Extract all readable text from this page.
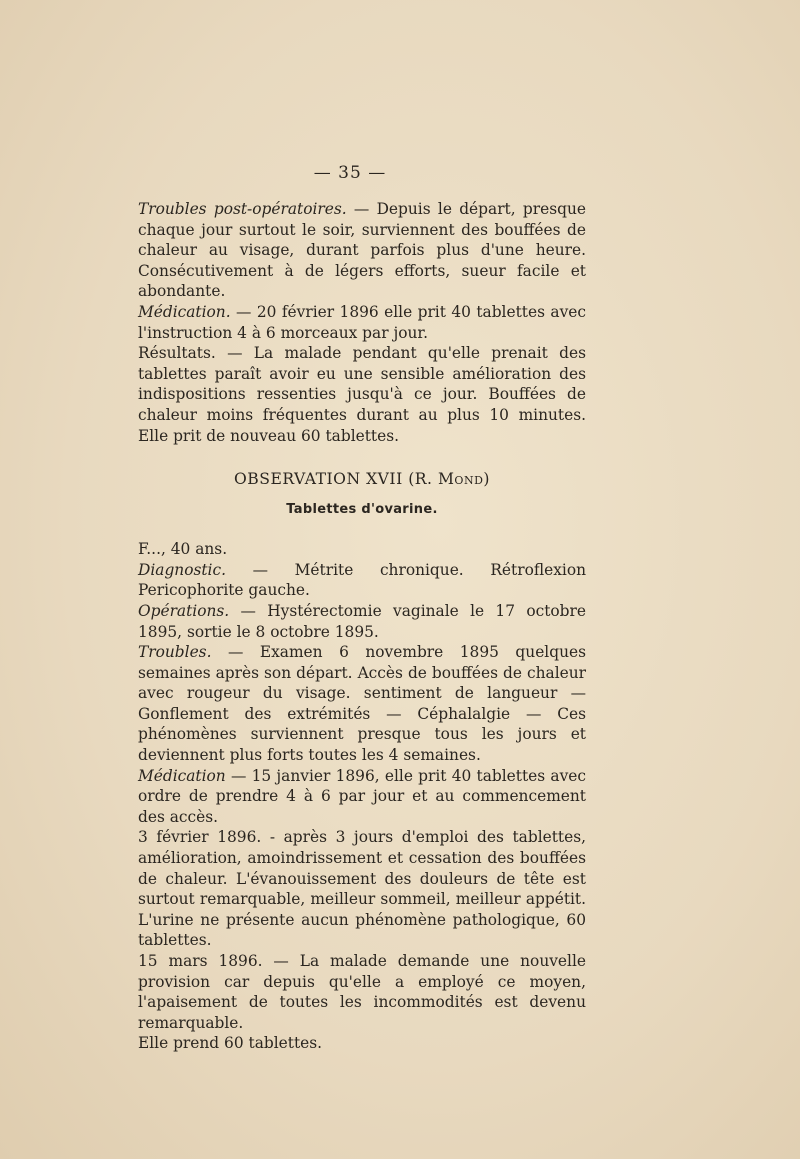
— 35 —

Troubles post-opératoires. — Depuis le départ, presque chaque jour surtout le soir, surviennent des bouffées de chaleur au visage, durant parfois plus d'une heure. Consécutivement à de légers efforts, sueur facile et abondante.

Médication. — 20 février 1896 elle prit 40 tablettes avec l'instruction 4 à 6 morceaux par jour.

Résultats. — La malade pendant qu'elle prenait des tablettes paraît avoir eu une sensible amélioration des indispositions ressenties jusqu'à ce jour. Bouffées de chaleur moins fréquentes durant au plus 10 minutes. Elle prit de nouveau 60 tablettes.

OBSERVATION XVII (R. Mond)
Tablettes d'ovarine.

F..., 40 ans.

Diagnostic. — Métrite chronique. Rétroflexion Pericophorite gauche.

Opérations. — Hystérectomie vaginale le 17 octobre 1895, sortie le 8 octobre 1895.

Troubles. — Examen 6 novembre 1895 quelques semaines après son départ. Accès de bouffées de chaleur avec rougeur du visage. sentiment de langueur — Gonflement des extrémités — Céphalalgie — Ces phénomènes surviennent presque tous les jours et deviennent plus forts toutes les 4 semaines.

Médication — 15 janvier 1896, elle prit 40 tablettes avec ordre de prendre 4 à 6 par jour et au commencement des accès.

3 février 1896. - après 3 jours d'emploi des tablettes, amélioration, amoindrissement et cessation des bouffées de chaleur. L'évanouissement des douleurs de tête est surtout remarquable, meilleur sommeil, meilleur appétit. L'urine ne présente aucun phénomène pathologique, 60 tablettes.

15 mars 1896. — La malade demande une nouvelle provision car depuis qu'elle a employé ce moyen, l'apaisement de toutes les incommodités est devenu remarquable.

Elle prend 60 tablettes.
